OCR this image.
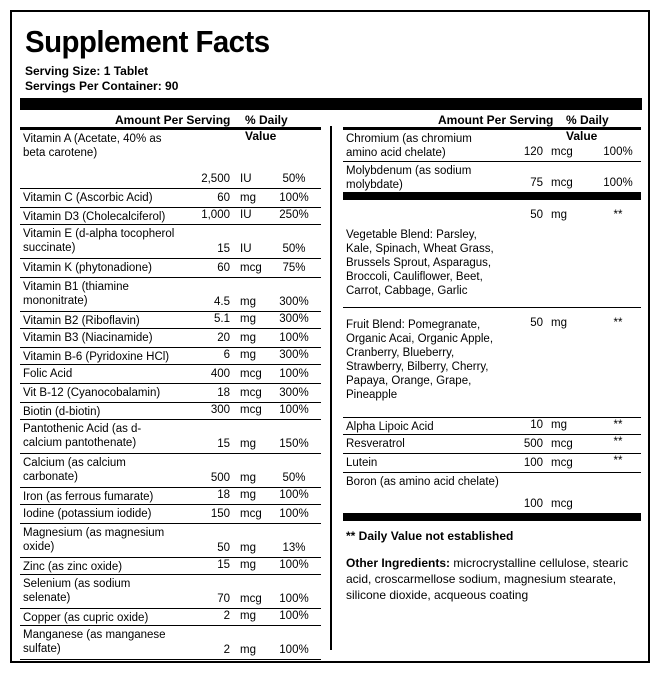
Supplement Facts
Serving Size: 1 Tablet
Servings Per Container: 90
Amount Per Serving % Daily Value
Vitamin A (Acetate, 40% as
beta carotene)
2,500 IU	50%
Vitamin C (Ascorbic Acid)	60 mg	100%
Vitamin D3 (Cholecalciferol)	1,000 IU	250%
Vitamin E (d-alpha tocopherol
succinate)	15 IU	50%
Vitamin K (phytonadione)	60 mcg	75%
Vitamin B1 (thiamine
mononitrate)	4.5 mg	300%
Vitamin B2 (Riboflavin)	5.1 mg	300%
Vitamin B3 (Niacinamide)	20 mg	100%
Vitamin B-6 (Pyridoxine HCl)	6 mg	300%
Folic Acid	400 mcg	100%
Vit B-12 (Cyanocobalamin)	18 mcg	300%
Biotin (d-biotin)	300 mcg	100%
Pantothenic Acid (as d-
calcium pantothenate)	15 mg	150%
Calcium (as calcium
carbonate)	500 mg	50%
Iron (as ferrous fumarate)	18 mg	100%
Iodine (potassium iodide)	150 mcg	100%
Magnesium (as magnesium
oxide)	50 mg	13%
Zinc (as zinc oxide)	15 mg	100%
Selenium (as sodium
selenate)	70 mcg	100%
Copper (as cupric oxide)	2 mg	100%
Manganese (as manganese
sulfate)	2 mg	100%
Amount Per Serving % Daily Value
Chromium (as chromium
amino acid chelate)	120 mcg	100%
Molybdenum (as sodium
molybdate)	75 mcg	100%
Vegetable Blend: Parsley,
Kale, Spinach, Wheat Grass,
Brussels Sprout, Asparagus,
Broccoli, Cauliflower, Beet,
Carrot, Cabbage, Garlic
50 mg	**
Fruit Blend: Pomegranate,
Organic Acai, Organic Apple,
Cranberry, Blueberry,
Strawberry, Bilberry, Cherry,
Papaya, Orange, Grape,
Pineapple
50 mg	**
Alpha Lipoic Acid	10 mg	**
Resveratrol	500 mcg	**
Lutein	100 mcg	**
Boron (as amino acid chelate)
100 mcg
** Daily Value not established
Other Ingredients: microcrystalline cellulose, stearic acid, croscarmellose sodium, magnesium stearate, silicone dioxide, acqueous coating
